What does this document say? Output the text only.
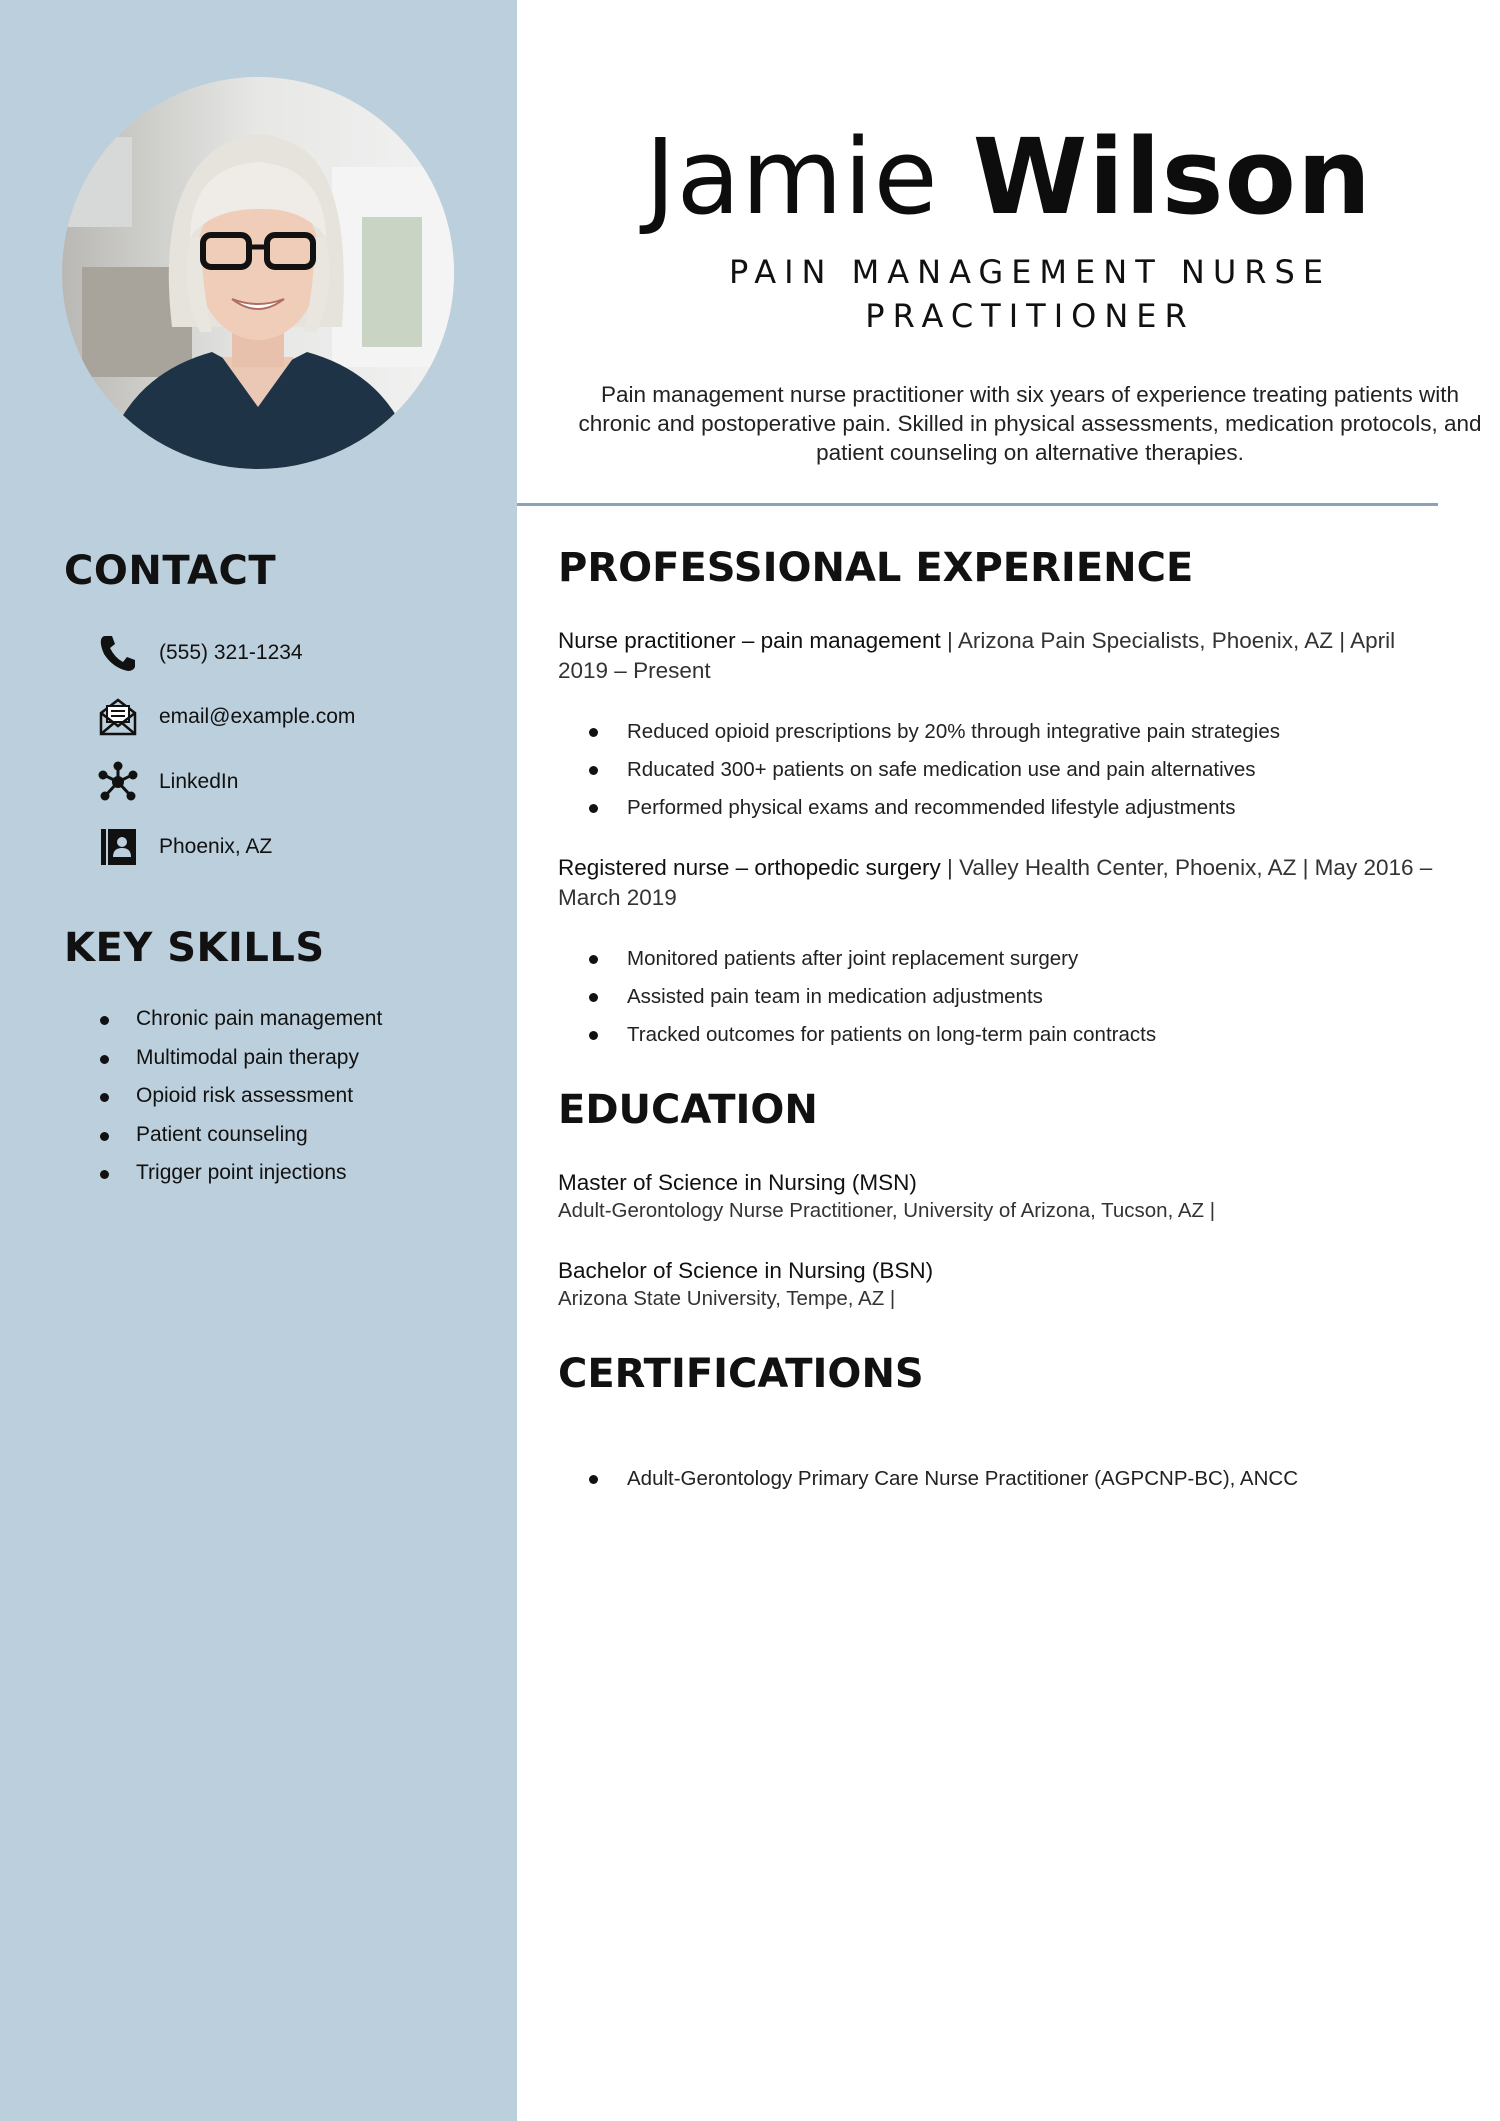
CONTACT
(555) 321-1234
email@example.com
LinkedIn
Phoenix, AZ
KEY SKILLS
Chronic pain management
Multimodal pain therapy
Opioid risk assessment
Patient counseling
Trigger point injections
Jamie Wilson
PAIN MANAGEMENT NURSE PRACTITIONER
Pain management nurse practitioner with six years of experience treating patients with chronic and postoperative pain. Skilled in physical assessments, medication protocols, and patient counseling on alternative therapies.
PROFESSIONAL EXPERIENCE
Nurse practitioner – pain management | Arizona Pain Specialists, Phoenix, AZ | April 2019 – Present
Reduced opioid prescriptions by 20% through integrative pain strategies
Rducated 300+ patients on safe medication use and pain alternatives
Performed physical exams and recommended lifestyle adjustments
Registered nurse – orthopedic surgery | Valley Health Center, Phoenix, AZ | May 2016 – March 2019
Monitored patients after joint replacement surgery
Assisted pain team in medication adjustments
Tracked outcomes for patients on long-term pain contracts
EDUCATION
Master of Science in Nursing (MSN)
Adult-Gerontology Nurse Practitioner, University of Arizona, Tucson, AZ |
Bachelor of Science in Nursing (BSN)
Arizona State University, Tempe, AZ |
CERTIFICATIONS
Adult-Gerontology Primary Care Nurse Practitioner (AGPCNP-BC), ANCC
